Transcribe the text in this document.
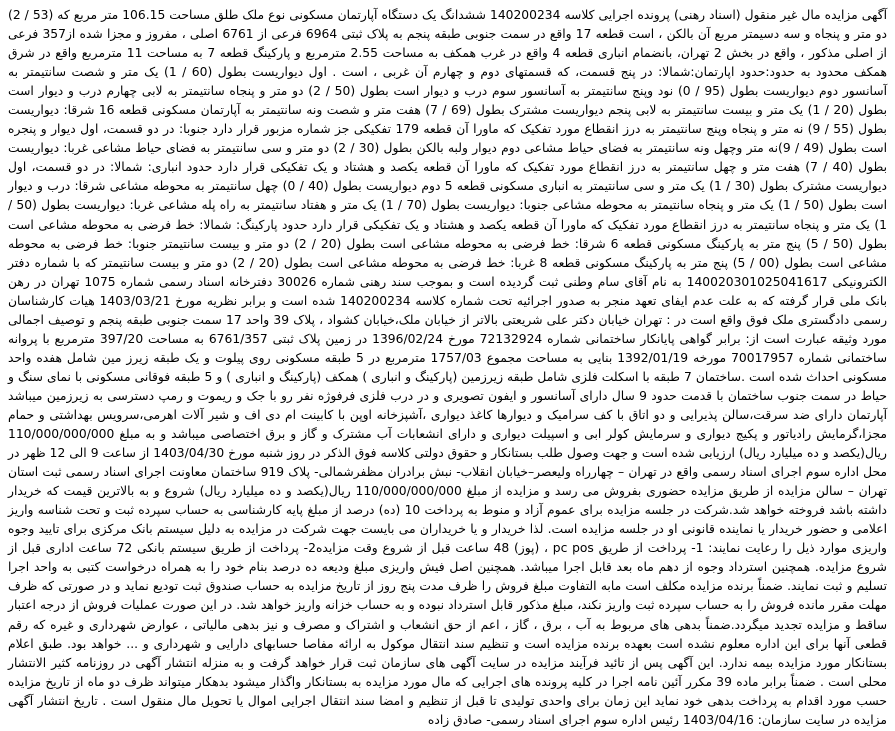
آگهی مزایده مال غیر منقول (اسناد رهنی) پرونده اجرایی کلاسه 140200234 ششدانگ یک دستگاه آپارتمان مسکونی نوع ملک طلق مساحت 106.15 متر مربع که (53 / 2) دو متر و پنجاه و سه دسیمتر مربع آن بالکن ، است قطعه 17 واقع در سمت جنوبی طبقه پنجم به پلاک ثبتی 6964 فرعی از 6761 اصلی ، مفروز و مجزا شده از357 فرعی از اصلی مذکور ، واقع در بخش 2 تهران، بانضمام انباری قطعه 4 واقع در غرب همکف به مساحت 2.55 مترمربع و پارکینگ قطعه 7 به مساحت 11 مترمربع واقع در شرق همکف محدود به حدود:حدود اپارتمان:شمالا: در پنج قسمت، که قسمتهای دوم و چهارم آن غربی ، است . اول دیواریست بطول (60 / 1) یک متر و شصت سانتیمتر به آسانسور دوم دیواریست بطول (95 / 0) نود وپنج سانتیمتر به آسانسور سوم درب و دیوار است بطول (50 / 2) دو متر و پنجاه سانتیمتر به لابی چهارم درب و دیوار است بطول (20 / 1) یک متر و بیست سانتیمتر به لابی پنجم دیواریست مشترک بطول (69 / 7) هفت متر و شصت ونه سانتیمتر به آپارتمان مسکونی قطعه 16 شرقا: دیواریست بطول (55 / 9) نه متر و پنجاه وپنج سانتیمتر به درز انقطاع مورد تفکیک که ماورا آن قطعه 179 تفکیکی جز شماره مزبور قرار دارد جنوبا: در دو قسمت، اول دیوار و پنجره است بطول (49 / 9)نه متر وچهل ونه سانتیمتر به فضای حیاط مشاعی دوم دیوار ولبه بالکن بطول (30 / 2) دو متر و سی سانتیمتر به فضای حیاط مشاعی غربا: دیواریست بطول (40 / 7) هفت متر و چهل سانتیمتر به درز انقطاع مورد تفکیک که ماورا آن قطعه یکصد و هشتاد و یک تفکیکی قرار دارد حدود انباری: شمالا: در دو قسمت، اول دیواریست مشترک بطول (30 / 1) یک متر و سی سانتیمتر به انباری مسکونی قطعه 5 دوم دیواریست بطول (40 / 0) چهل سانتیمتر به محوطه مشاعی شرقا: درب و دیوار است بطول (50 / 1) یک متر و پنجاه سانتیمتر به محوطه مشاعی جنوبا: دیواریست بطول (70 / 1) یک متر و هفتاد سانتیمتر به راه پله مشاعی غربا: دیواریست بطول (50 / 1) یک متر و پنجاه سانتیمتر به درز انقطاع مورد تفکیک که ماورا آن قطعه یکصد و هشتاد و یک تفکیکی قرار دارد حدود پارکینگ: شمالا: خط فرضی به محوطه مشاعی است بطول (50 / 5) پنج متر به پارکینگ مسکونی قطعه 6 شرقا: خط فرضی به محوطه مشاعی است بطول (20 / 2) دو متر و بیست سانتیمتر جنوبا: خط فرضی به محوطه مشاعی است بطول (00 / 5) پنج متر به پارکینگ مسکونی قطعه 8 غربا: خط فرضی به محوطه مشاعی است بطول (20 / 2) دو متر و بیست سانتیمتر که با شماره دفتر الکترونیکی 140020301025041617 به نام آقای سام وطنی ثبت گردیده است و بموجب سند رهنی شماره 30026 دفترخانه اسناد رسمی شماره 1075 تهران در رهن بانک ملی قرار گرفته که به علت عدم ایفای تعهد منجر به صدور اجرائیه تحت شماره کلاسه 140200234 شده است و برابر نظریه مورخ 1403/03/21 هیات کارشناسان رسمی دادگستری ملک فوق واقع است در : تهران خیابان دکتر علی شریعتی بالاتر از خیابان ملک،خیابان کشواد ، پلاک 39 واحد 17 سمت جنوبی طبقه پنجم و توصیف اجمالی مورد وثیقه عبارت است از: برابر گواهی پایانکار ساختمانی شماره 72132924 مورخ 1396/02/24 در زمین پلاک ثبتی 6761/357 به مساحت 397/20 مترمربع با پروانه ساختمانی شماره 70017957 مورخه 1392/01/19 بنایی به مساحت مجموع 1757/03 مترمربع در 5 طبقه مسکونی روی پیلوت و یک طبقه زیرز مین شامل هفده واحد مسکونی احداث شده است .ساختمان 7 طبقه با اسکلت فلزی شامل طبقه زیرزمین (پارکینگ و انباری ) همکف (پارکینگ و انباری ) و 5 طبقه فوقانی مسکونی با نمای سنگ و حیاط در سمت جنوب ساختمان با قدمت حدود 9 سال دارای آسانسور و ایفون تصویری و در درب فلزی فرفوژه نفر رو با جک و ریموت و رمپ دسترسی به زیرزمین میباشد آپارتمان دارای ضد سرقت،سالن پذیرایی و دو اتاق با کف سرامیک و دیوارها کاغذ دیواری ،آشپزخانه اوپن با کابینت ام دی اف و شیر آلات اهرمی،سرویس بهداشتی و حمام مجزا،گرمایش رادیاتور و پکیج دیواری و سرمایش کولر ابی و اسپیلت دیواری و دارای انشعابات آب مشترک و گاز و برق اختصاصی میباشد و به مبلغ 110/000/000/000 ریال(یکصد و ده میلیارد ریال) ارزیابی شده است و جهت وصول طلب بستانکار و حقوق دولتی کلاسه فوق الذکر در روز شنبه مورخ 1403/04/30 از ساعت 9 الی 12 ظهر در محل اداره سوم اجرای اسناد رسمی واقع در تهران – چهارراه ولیعصر–خیابان انقلاب- نبش برادران مظفرشمالی- پلاک 919 ساختمان معاونت اجرای اسناد رسمی ثبت استان تهران – سالن مزایده از طریق مزایده حضوری بفروش می رسد و مزایده از مبلغ 110/000/000/000 ریال(یکصد و ده میلیارد ریال) شروع و به بالاترین قیمت که خریدار داشته باشد فروخته خواهد شد.شرکت در جلسه مزایده برای عموم آزاد و منوط به پرداخت 10 (ده) درصد از مبلغ پایه کارشناسی به حساب سپرده ثبت و تحت شناسه واریز اعلامی و حضور خریدار یا نماینده قانونی او در جلسه مزایده است. لذا خریدار و یا خریداران می بایست جهت شرکت در مزایده به دلیل سیستم بانک مرکزی برای تایید وجوه واریزی موارد ذیل را رعایت نمایند: 1- پرداخت از طریق pc pos ، (پوز) 48 ساعت قبل از شروع وقت مزایده2- پرداخت از طریق سیستم بانکی 72 ساعت اداری قبل از شروع مزایده. همچنین استرداد وجوه از دهم ماه بعد قابل اجرا میباشد. همچنین اصل فیش واریزی مبلغ ودیعه ده درصد بنام خود را به همراه درخواست کتبی به واحد اجرا تسلیم و ثبت نمایند. ضمناً برنده مزایده مکلف است مابه التفاوت مبلغ فروش را ظرف مدت پنج روز از تاریخ مزایده به حساب صندوق ثبت تودیع نماید و در صورتی که ظرف مهلت مقرر مانده فروش را به حساب سپرده ثبت واریز نکند، مبلغ مذکور قابل استرداد نبوده و به حساب خزانه واریز خواهد شد. در این صورت عملیات فروش از درجه اعتبار ساقط و مزایده تجدید میگردد.ضمناً بدهی های مربوط به آب ، برق ، گاز ، اعم از حق انشعاب و اشتراک و مصرف و نیز بدهی مالیاتی ، عوارض شهرداری و غیره که رقم قطعی آنها برای این اداره معلوم نشده است بعهده برنده مزایده است و تنظیم سند انتقال موکول به ارائه مفاصا حسابهای دارایی و شهرداری و ... خواهد بود. طبق اعلام بستانکار مورد مزایده بیمه ندارد. این آگهی پس از تائید فرآیند مزایده در سایت آگهی های سازمان ثبت قرار خواهد گرفت و به منزله انتشار آگهی در روزنامه کثیر الانتشار محلی است . ضمناً برابر ماده 39 مکرر آئین نامه اجرا در کلیه پرونده های اجرایی که مال مورد مزایده به بستانکار واگذار میشود بدهکار میتواند ظرف دو ماه از تاریخ مزایده حسب مورد اقدام به پرداخت بدهی خود نماید این زمان برای واحدی تولیدی تا قبل از تنظیم و امضا سند انتقال اجرایی اموال یا تحویل مال منقول است . تاریخ انتشار آگهی مزایده در سایت سازمان: 1403/04/16 رئیس اداره سوم اجرای اسناد رسمی- صادق زاده
